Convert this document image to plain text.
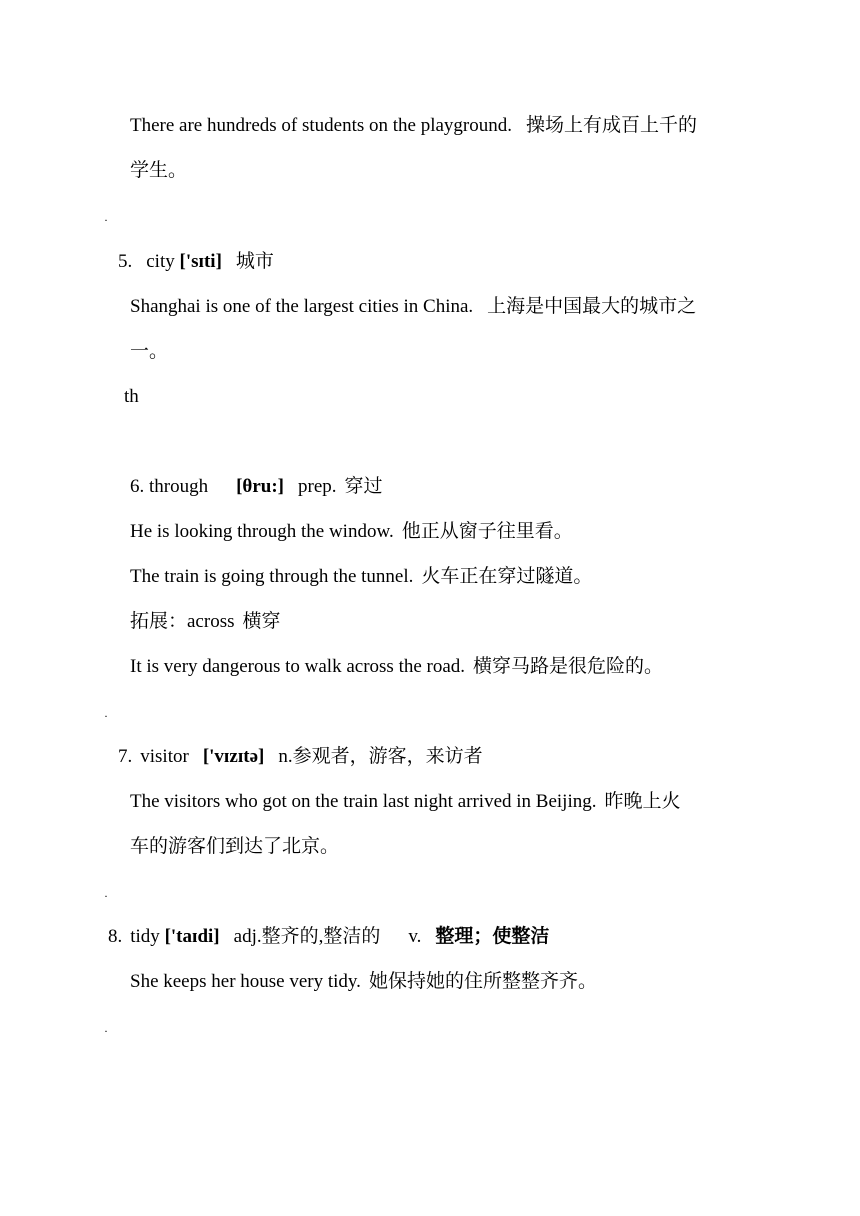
There are hundreds of students on the playground. 操场上有成百上千的
学生。
·
5. city ['sɪti] 城市
Shanghai is one of the largest cities in China. 上海是中国最大的城市之
一。
th
6. through [θru:] prep. 穿过
He is looking through the window. 他正从窗子往里看。
The train is going through the tunnel. 火车正在穿过隧道。
拓展：across 横穿
It is very dangerous to walk across the road. 横穿马路是很危险的。
·
7. visitor ['vɪzɪtə] n.参观者，游客，来访者
The visitors who got on the train last night arrived in Beijing. 昨晚上火
车的游客们到达了北京。
·
8. tidy ['taɪdi] adj.整齐的,整洁的 v. 整理；使整洁
She keeps her house very tidy. 她保持她的住所整整齐齐。
·
